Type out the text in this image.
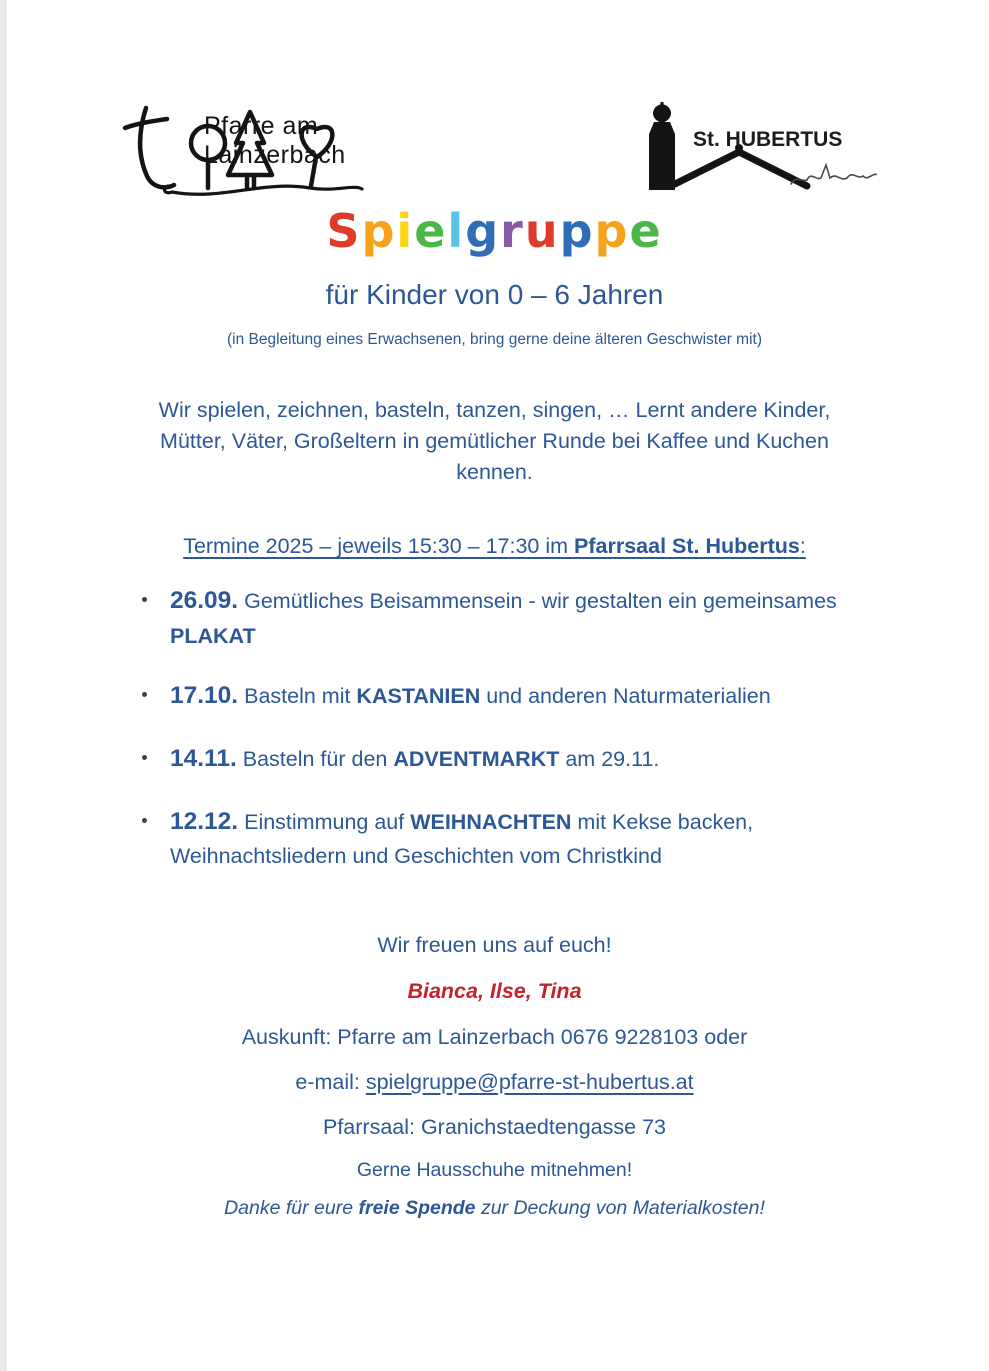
Pfarre am
Lainzerbach
St. HUBERTUS
Spielgruppe
für Kinder von 0 – 6 Jahren
(in Begleitung eines Erwachsenen, bring gerne deine älteren Geschwister mit)

Wir spielen, zeichnen, basteln, tanzen, singen, … Lernt andere Kinder, Mütter, Väter, Großeltern in gemütlicher Runde bei Kaffee und Kuchen kennen.

Termine 2025 – jeweils 15:30 – 17:30 im Pfarrsaal St. Hubertus:
26.09. Gemütliches Beisammensein - wir gestalten ein gemeinsames PLAKAT
17.10. Basteln mit KASTANIEN und anderen Naturmaterialien
14.11. Basteln für den ADVENTMARKT am 29.11.
12.12. Einstimmung auf WEIHNACHTEN mit Kekse backen, Weihnachtsliedern und Geschichten vom Christkind
Wir freuen uns auf euch!
Bianca, Ilse, Tina
Auskunft: Pfarre am Lainzerbach 0676 9228103 oder
e-mail: spielgruppe@pfarre-st-hubertus.at
Pfarrsaal: Granichstaedtengasse 73
Gerne Hausschuhe mitnehmen!
Danke für eure freie Spende zur Deckung von Materialkosten!
